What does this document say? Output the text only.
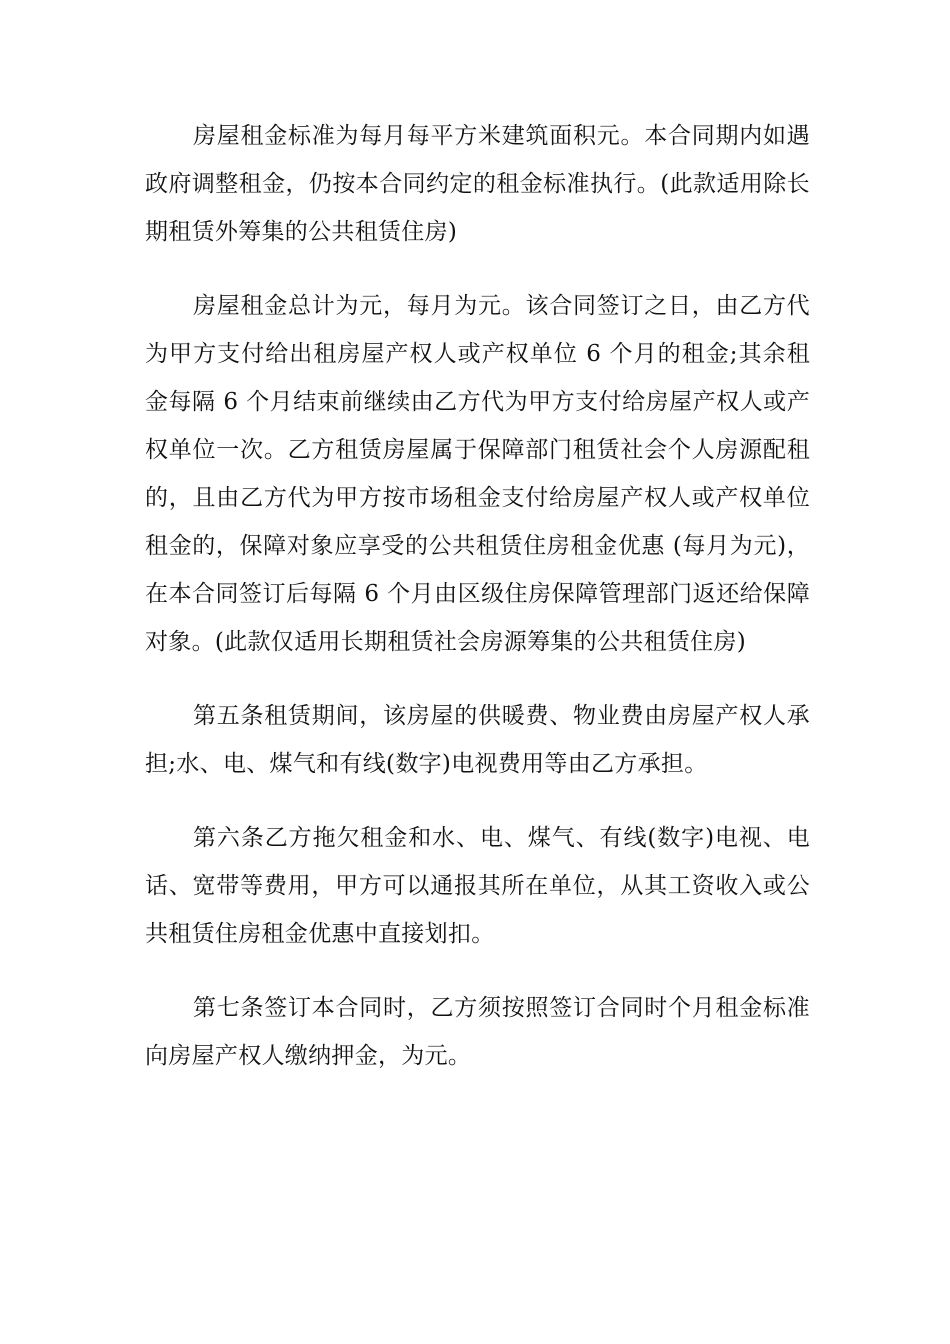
房屋租金标准为每月每平方米建筑面积元。本合同期内如遇政府调整租金，仍按本合同约定的租金标准执行。(此款适用除长期租赁外筹集的公共租赁住房)

房屋租金总计为元，每月为元。该合同签订之日，由乙方代为甲方支付给出租房屋产权人或产权单位 6 个月的租金;其余租金每隔 6 个月结束前继续由乙方代为甲方支付给房屋产权人或产权单位一次。乙方租赁房屋属于保障部门租赁社会个人房源配租的，且由乙方代为甲方按市场租金支付给房屋产权人或产权单位租金的，保障对象应享受的公共租赁住房租金优惠 (每月为元)，在本合同签订后每隔 6 个月由区级住房保障管理部门返还给保障对象。(此款仅适用长期租赁社会房源筹集的公共租赁住房)

第五条租赁期间，该房屋的供暖费、物业费由房屋产权人承担;水、电、煤气和有线(数字)电视费用等由乙方承担。

第六条乙方拖欠租金和水、电、煤气、有线(数字)电视、电话、宽带等费用，甲方可以通报其所在单位，从其工资收入或公共租赁住房租金优惠中直接划扣。

第七条签订本合同时，乙方须按照签订合同时个月租金标准向房屋产权人缴纳押金，为元。
